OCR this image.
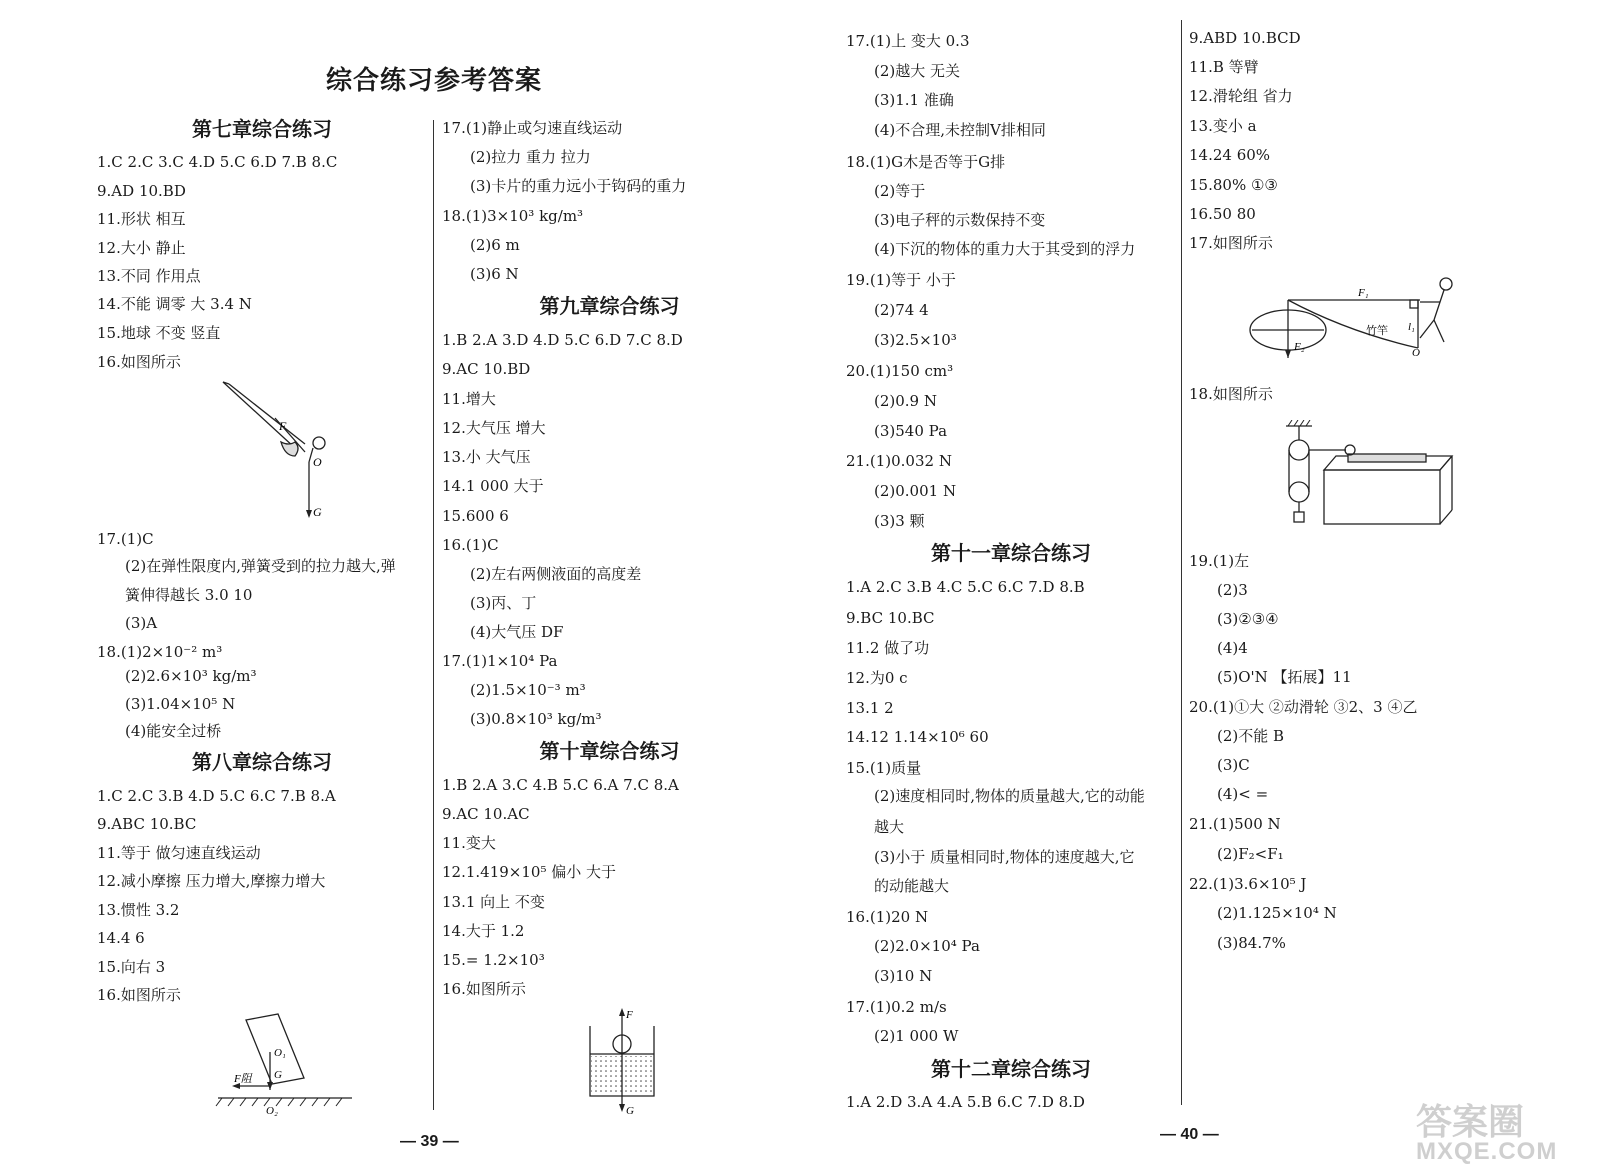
综合练习参考答案
第七章综合练习
1.C 2.C 3.C 4.D 5.C 6.D 7.B 8.C
9.AD 10.BD
11.形状 相互
12.大小 静止
13.不同 作用点
14.不能 调零 大 3.4 N
15.地球 不变 竖直
16.如图所示
17.(1)C
(2)在弹性限度内,弹簧受到的拉力越大,弹
簧伸得越长 3.0 10
(3)A
18.(1)2×10⁻² m³
(2)2.6×10³ kg/m³
(3)1.04×10⁵ N
(4)能安全过桥
第八章综合练习
1.C 2.C 3.B 4.D 5.C 6.C 7.B 8.A
9.ABC 10.BC
11.等于 做匀速直线运动
12.减小摩擦 压力增大,摩擦力增大
13.惯性 3.2
14.4 6
15.向右 3
16.如图所示
F
O
G
F阻
O₁
G
O₂
17.(1)静止或匀速直线运动
(2)拉力 重力 拉力
(3)卡片的重力远小于钩码的重力
18.(1)3×10³ kg/m³
(2)6 m
(3)6 N
第九章综合练习
1.B 2.A 3.D 4.D 5.C 6.D 7.C 8.D
9.AC 10.BD
11.增大
12.大气压 增大
13.小 大气压
14.1 000 大于
15.600 6
16.(1)C
(2)左右两侧液面的高度差
(3)丙、丁
(4)大气压 DF
17.(1)1×10⁴ Pa
(2)1.5×10⁻³ m³
(3)0.8×10³ kg/m³
第十章综合练习
1.B 2.A 3.C 4.B 5.C 6.A 7.C 8.A
9.AC 10.AC
11.变大
12.1.419×10⁵ 偏小 大于
13.1 向上 不变
14.大于 1.2
15.= 1.2×10³
16.如图所示
F
G
17.(1)上 变大 0.3
(2)越大 无关
(3)1.1 准确
(4)不合理,未控制V排相同
18.(1)G木是否等于G排
(2)等于
(3)电子秤的示数保持不变
(4)下沉的物体的重力大于其受到的浮力
19.(1)等于 小于
(2)74 4
(3)2.5×10³
20.(1)150 cm³
(2)0.9 N
(3)540 Pa
21.(1)0.032 N
(2)0.001 N
(3)3 颗
第十一章综合练习
1.A 2.C 3.B 4.C 5.C 6.C 7.D 8.B
9.BC 10.BC
11.2 做了功
12.为0 c
13.1 2
14.12 1.14×10⁶ 60
15.(1)质量
(2)速度相同时,物体的质量越大,它的动能
越大
(3)小于 质量相同时,物体的速度越大,它
的动能越大
16.(1)20 N
(2)2.0×10⁴ Pa
(3)10 N
17.(1)0.2 m/s
(2)1 000 W
第十二章综合练习
1.A 2.D 3.A 4.A 5.B 6.C 7.D 8.D
9.ABD 10.BCD
11.B 等臂
12.滑轮组 省力
13.变小 a
14.24 60%
15.80% ①③
16.50 80
17.如图所示
18.如图所示
19.(1)左
(2)3
(3)②③④
(4)4
(5)O'N 【拓展】11
20.(1)①大 ②动滑轮 ③2、3 ④乙
(2)不能 B
(3)C
(4)< =
21.(1)500 N
(2)F₂<F₁
22.(1)3.6×10⁵ J
(2)1.125×10⁴ N
(3)84.7%
F₁
l₁
F₂	O
竹竿
— 39 —	— 40 —	答案圈
MXQE.COM
